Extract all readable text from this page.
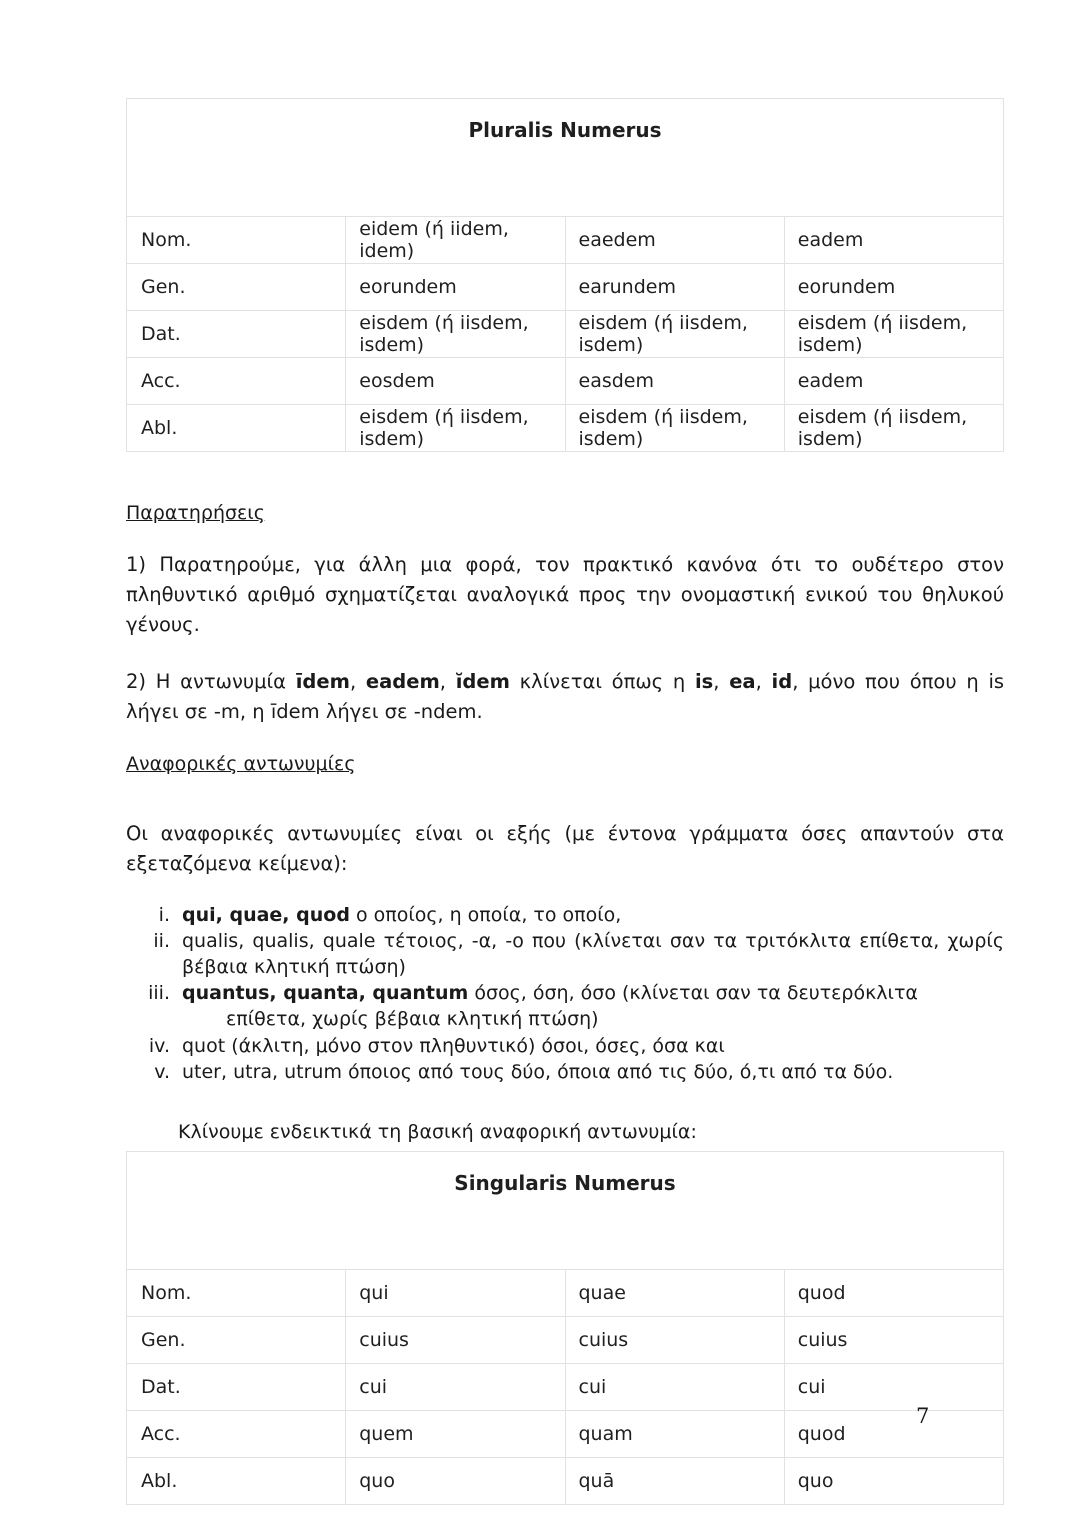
Pluralis Numerus			
Nom.	eidem (ή iidem, idem)	eaedem	eadem
Gen.	eorundem	earundem	eorundem
Dat.	eisdem (ή iisdem, isdem)	eisdem (ή iisdem, isdem)	eisdem (ή iisdem, isdem)
Acc.	eosdem	easdem	eadem
Abl.	eisdem (ή iisdem, isdem)	eisdem (ή iisdem, isdem)	eisdem (ή iisdem, isdem)
Παρατηρήσεις

1) Παρατηρούμε, για άλλη μια φορά, τον πρακτικό κανόνα ότι το ουδέτερο στον πληθυντικό αριθμό σχηματίζεται αναλογικά προς την ονομαστική ενικού του θηλυκού γένους.

2) Η αντωνυμία īdem, eadem, ĭdem κλίνεται όπως η is, ea, id, μόνο που όπου η is λήγει σε -m, η īdem λήγει σε -ndem.

Αναφορικές αντωνυμίες

Οι αναφορικές αντωνυμίες είναι οι εξής (με έντονα γράμματα όσες απαντούν στα εξεταζόμενα κείμενα):

i. qui, quae, quod ο οποίος, η οποία, το οποίο,
ii. qualis, qualis, quale τέτοιος, -α, -ο που (κλίνεται σαν τα τριτόκλιτα επίθετα, χωρίς βέβαια κλητική πτώση)
iii. quantus, quanta, quantum όσος, όση, όσο (κλίνεται σαν τα δευτερόκλιτα
επίθετα, χωρίς βέβαια κλητική πτώση)
iv. quot (άκλιτη, μόνο στον πληθυντικό) όσοι, όσες, όσα και
v. uter, utra, utrum όποιος από τους δύο, όποια από τις δύο, ό,τι από τα δύο.

Κλίνουμε ενδεικτικά τη βασική αναφορική αντωνυμία:

Singularis Numerus			
Nom.	qui	quae	quod
Gen.	cuius	cuius	cuius
Dat.	cui	cui	cui
Acc.	quem	quam	quod
Abl.	quo	quā	quo
7
